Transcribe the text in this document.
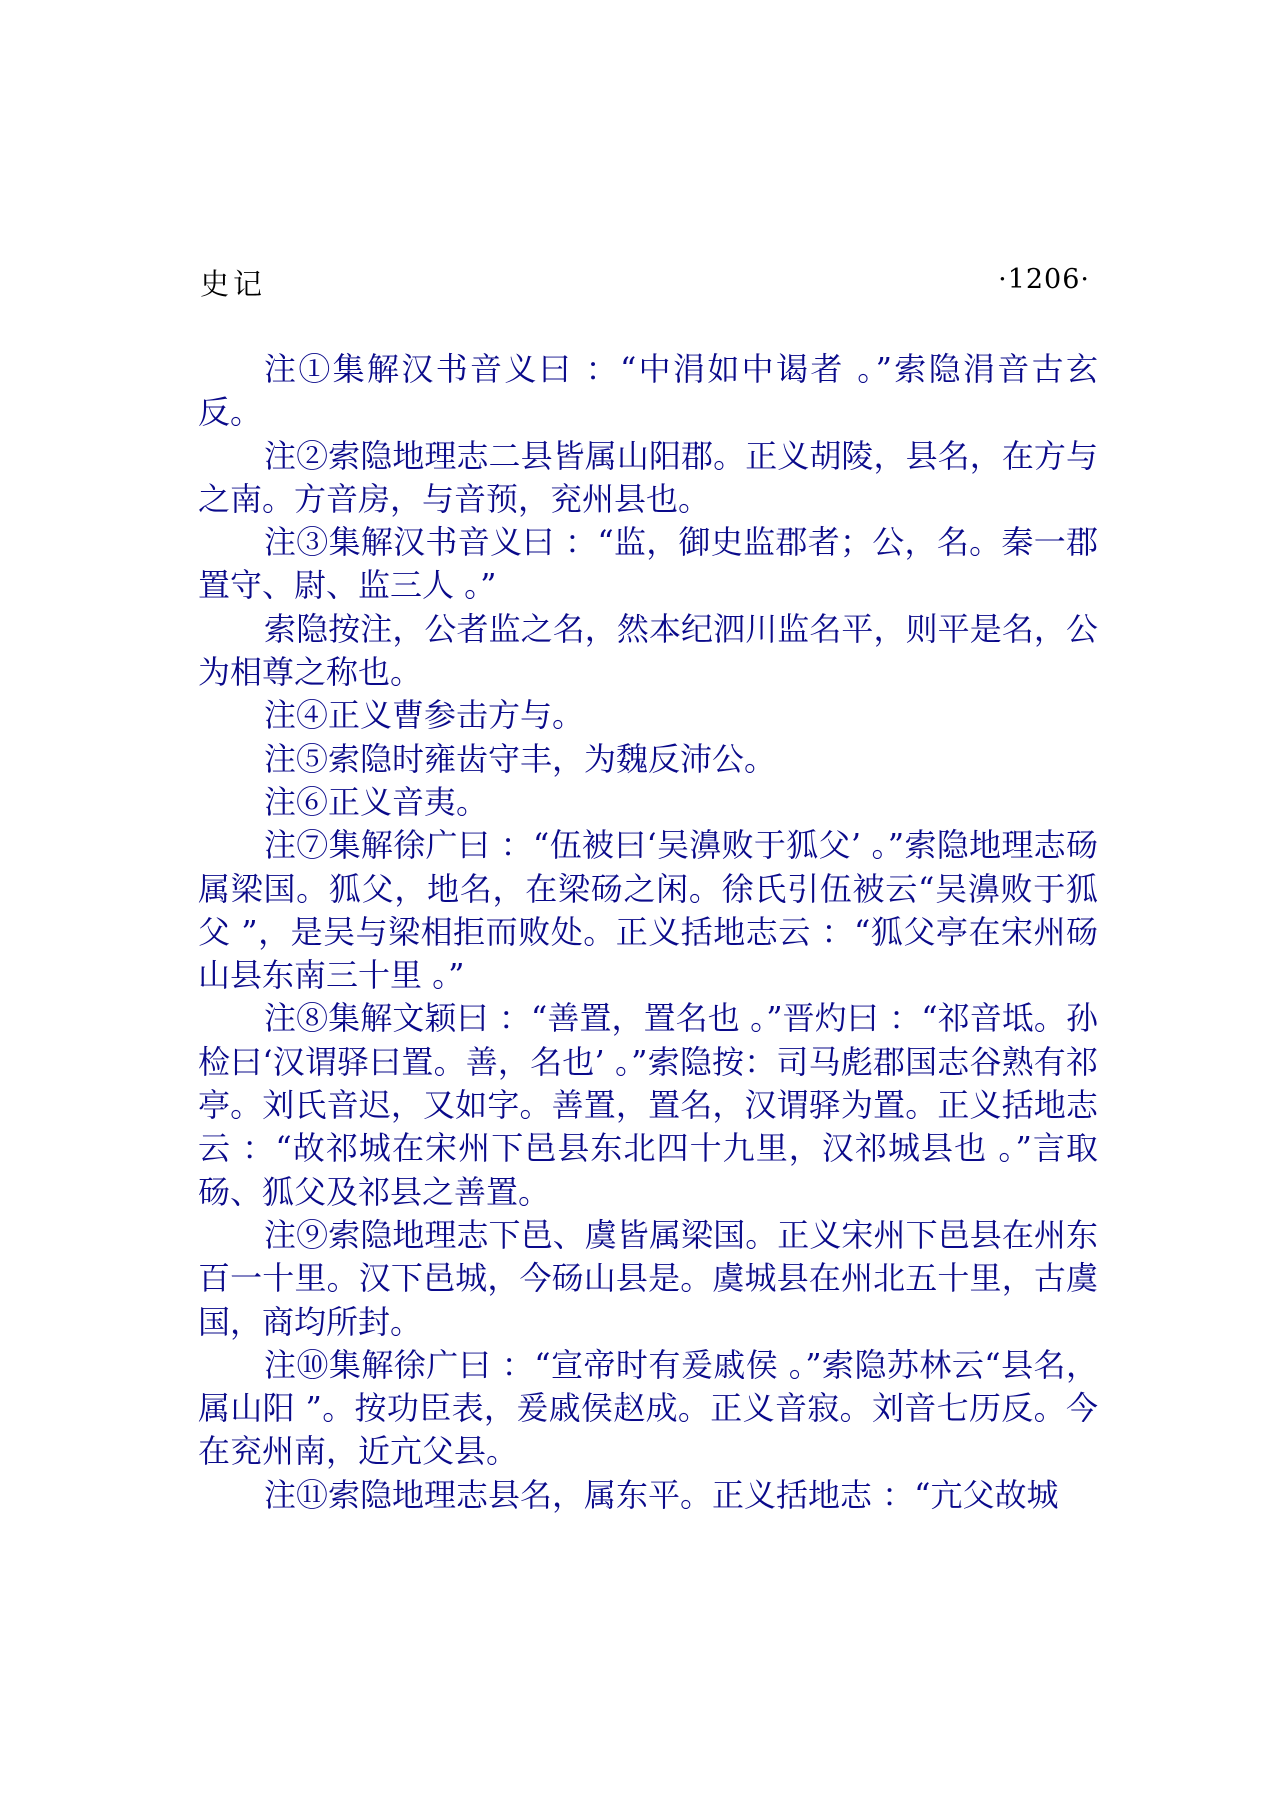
史记	·1206·

注①集解汉书音义曰 ：“中涓如中谒者 。”索隐涓音古玄反。

注②索隐地理志二县皆属山阳郡。正义胡陵，县名，在方与之南。方音房，与音预，兖州县也。

注③集解汉书音义曰 ：“监，御史监郡者；公，名。秦一郡置守、尉、监三人 。”

索隐按注，公者监之名，然本纪泗川监名平，则平是名，公为相尊之称也。

注④正义曹参击方与。

注⑤索隐时雍齿守丰，为魏反沛公。

注⑥正义音夷。

注⑦集解徐广曰 ：“伍被曰‘吴濞败于狐父’ 。”索隐地理志砀属梁国。狐父，地名，在梁砀之闲。徐氏引伍被云“吴濞败于狐父 ”，是吴与梁相拒而败处。正义括地志云 ：“狐父亭在宋州砀山县东南三十里 。”

注⑧集解文颖曰 ：“善置，置名也 。”晋灼曰 ：“祁音坻。孙检曰‘汉谓驿曰置。善，名也’ 。”索隐按：司马彪郡国志谷熟有祁亭。刘氏音迟，又如字。善置，置名，汉谓驿为置。正义括地志云 ：“故祁城在宋州下邑县东北四十九里，汉祁城县也 。”言取砀、狐父及祁县之善置。

注⑨索隐地理志下邑、虞皆属梁国。正义宋州下邑县在州东百一十里。汉下邑城，今砀山县是。虞城县在州北五十里，古虞国，商均所封。

注⑩集解徐广曰 ：“宣帝时有爰戚侯 。”索隐苏林云“县名，属山阳 ”。按功臣表，爰戚侯赵成。正义音寂。刘音七历反。今在兖州南，近亢父县。

注⑪索隐地理志县名，属东平。正义括地志 ：“亢父故城
